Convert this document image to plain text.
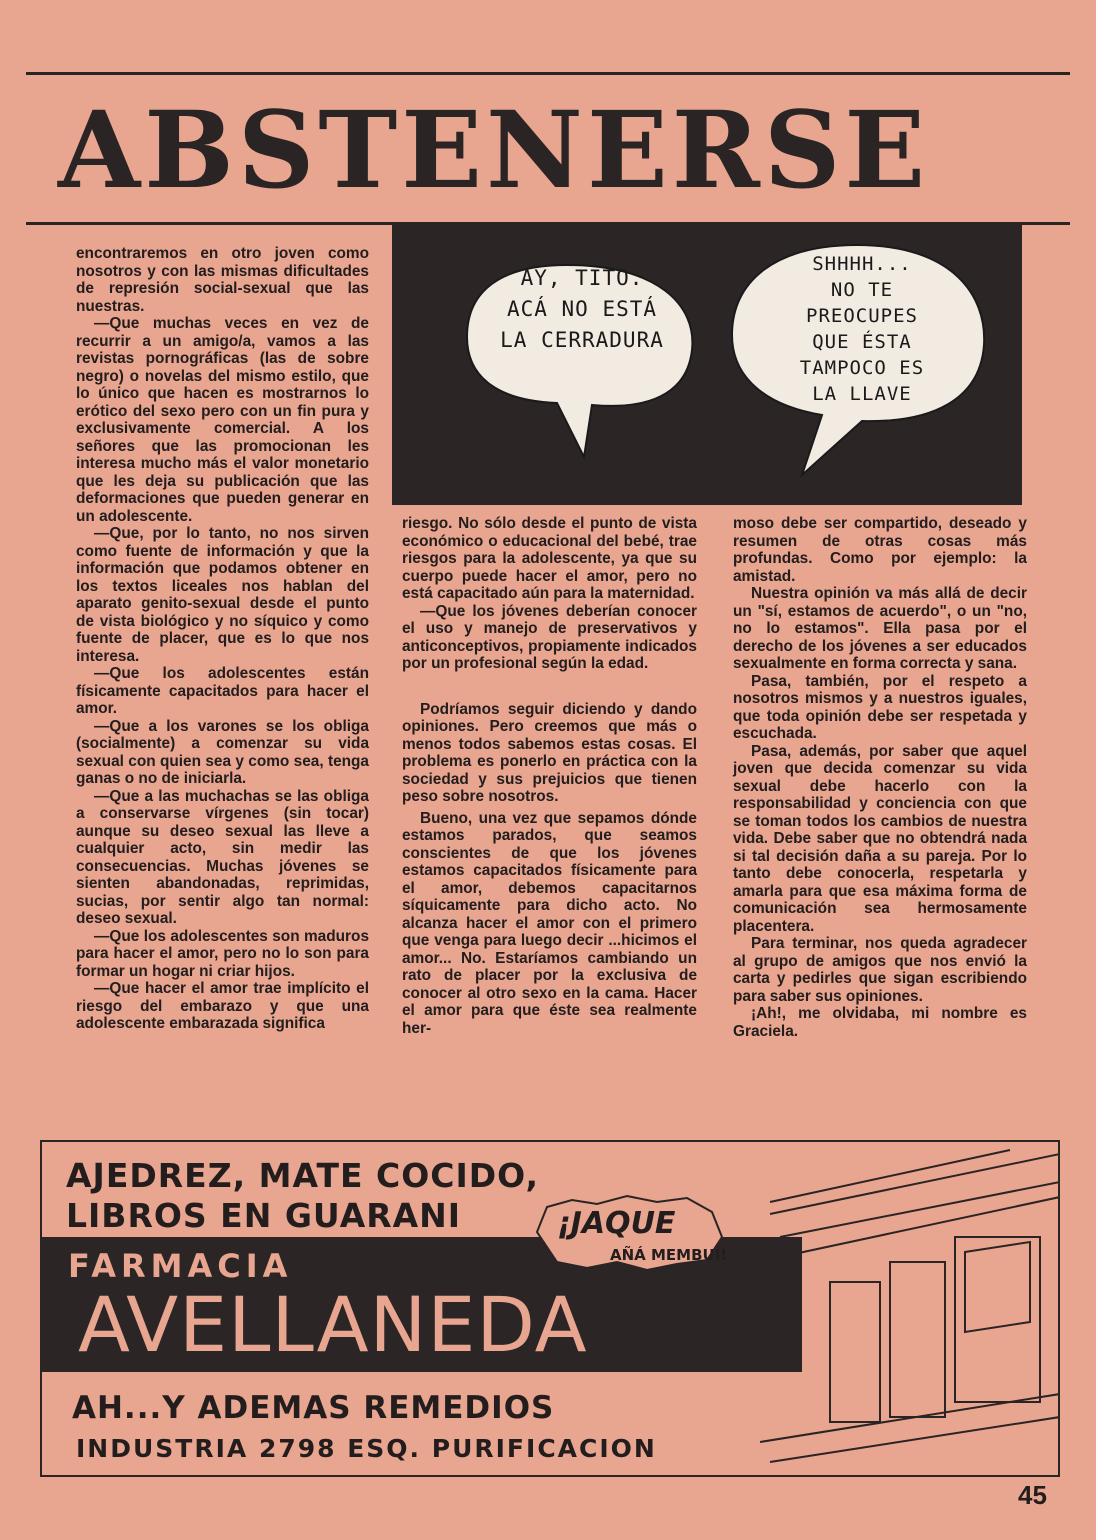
ABSTENERSE

encontraremos en otro joven como nosotros y con las mismas dificultades de represión social-sexual que las nuestras.

—Que muchas veces en vez de recurrir a un amigo/a, vamos a las revistas pornográficas (las de sobre negro) o novelas del mismo estilo, que lo único que hacen es mostrarnos lo erótico del sexo pero con un fin pura y exclusivamente comercial. A los señores que las promocionan les interesa mucho más el valor monetario que les deja su publicación que las deformaciones que pueden generar en un adolescente.

—Que, por lo tanto, no nos sirven como fuente de información y que la información que podamos obtener en los textos liceales nos hablan del aparato genito-sexual desde el punto de vista biológico y no síquico y como fuente de placer, que es lo que nos interesa.

—Que los adolescentes están físicamente capacitados para hacer el amor.

—Que a los varones se los obliga (socialmente) a comenzar su vida sexual con quien sea y como sea, tenga ganas o no de iniciarla.

—Que a las muchachas se las obliga a conservarse vírgenes (sin tocar) aunque su deseo sexual las lleve a cualquier acto, sin medir las consecuencias. Muchas jóvenes se sienten abandonadas, reprimidas, sucias, por sentir algo tan normal: deseo sexual.

—Que los adolescentes son maduros para hacer el amor, pero no lo son para formar un hogar ni criar hijos.

—Que hacer el amor trae implícito el riesgo del embarazo y que una adolescente embarazada significa

AY, TITO.
ACÁ NO ESTÁ
LA CERRADURA
SHHHH...
NO TE
PREOCUPES
QUE ÉSTA
TAMPOCO ES
LA LLAVE

riesgo. No sólo desde el punto de vista económico o educacional del bebé, trae riesgos para la adolescente, ya que su cuerpo puede hacer el amor, pero no está capacitado aún para la maternidad.

—Que los jóvenes deberían conocer el uso y manejo de preservativos y anticonceptivos, propiamente indicados por un profesional según la edad.

Podríamos seguir diciendo y dando opiniones. Pero creemos que más o menos todos sabemos estas cosas. El problema es ponerlo en práctica con la sociedad y sus prejuicios que tienen peso sobre nosotros.

Bueno, una vez que sepamos dónde estamos parados, que seamos conscientes de que los jóvenes estamos capacitados físicamente para el amor, debemos capacitarnos síquicamente para dicho acto. No alcanza hacer el amor con el primero que venga para luego decir ...hicimos el amor... No. Estaríamos cambiando un rato de placer por la exclusiva de conocer al otro sexo en la cama. Hacer el amor para que éste sea realmente her-

moso debe ser compartido, deseado y resumen de otras cosas más profundas. Como por ejemplo: la amistad.

Nuestra opinión va más allá de decir un "sí, estamos de acuerdo", o un "no, no lo estamos". Ella pasa por el derecho de los jóvenes a ser educados sexualmente en forma correcta y sana.

Pasa, también, por el respeto a nosotros mismos y a nuestros iguales, que toda opinión debe ser respetada y escuchada.

Pasa, además, por saber que aquel joven que decida comenzar su vida sexual debe hacerlo con la responsabilidad y conciencia con que se toman todos los cambios de nuestra vida. Debe saber que no obtendrá nada si tal decisión daña a su pareja. Por lo tanto debe conocerla, respetarla y amarla para que esa máxima forma de comunicación sea hermosamente placentera.

Para terminar, nos queda agradecer al grupo de amigos que nos envió la carta y pedirles que sigan escribiendo para saber sus opiniones.

¡Ah!, me olvidaba, mi nombre es Graciela.

AJEDREZ, MATE COCIDO,
LIBROS EN GUARANI
FARMACIA
AVELLANEDA
¡JAQUE
AÑÁ MEMBUÍ!
AH...Y ADEMAS REMEDIOS
INDUSTRIA 2798 ESQ. PURIFICACION
45
